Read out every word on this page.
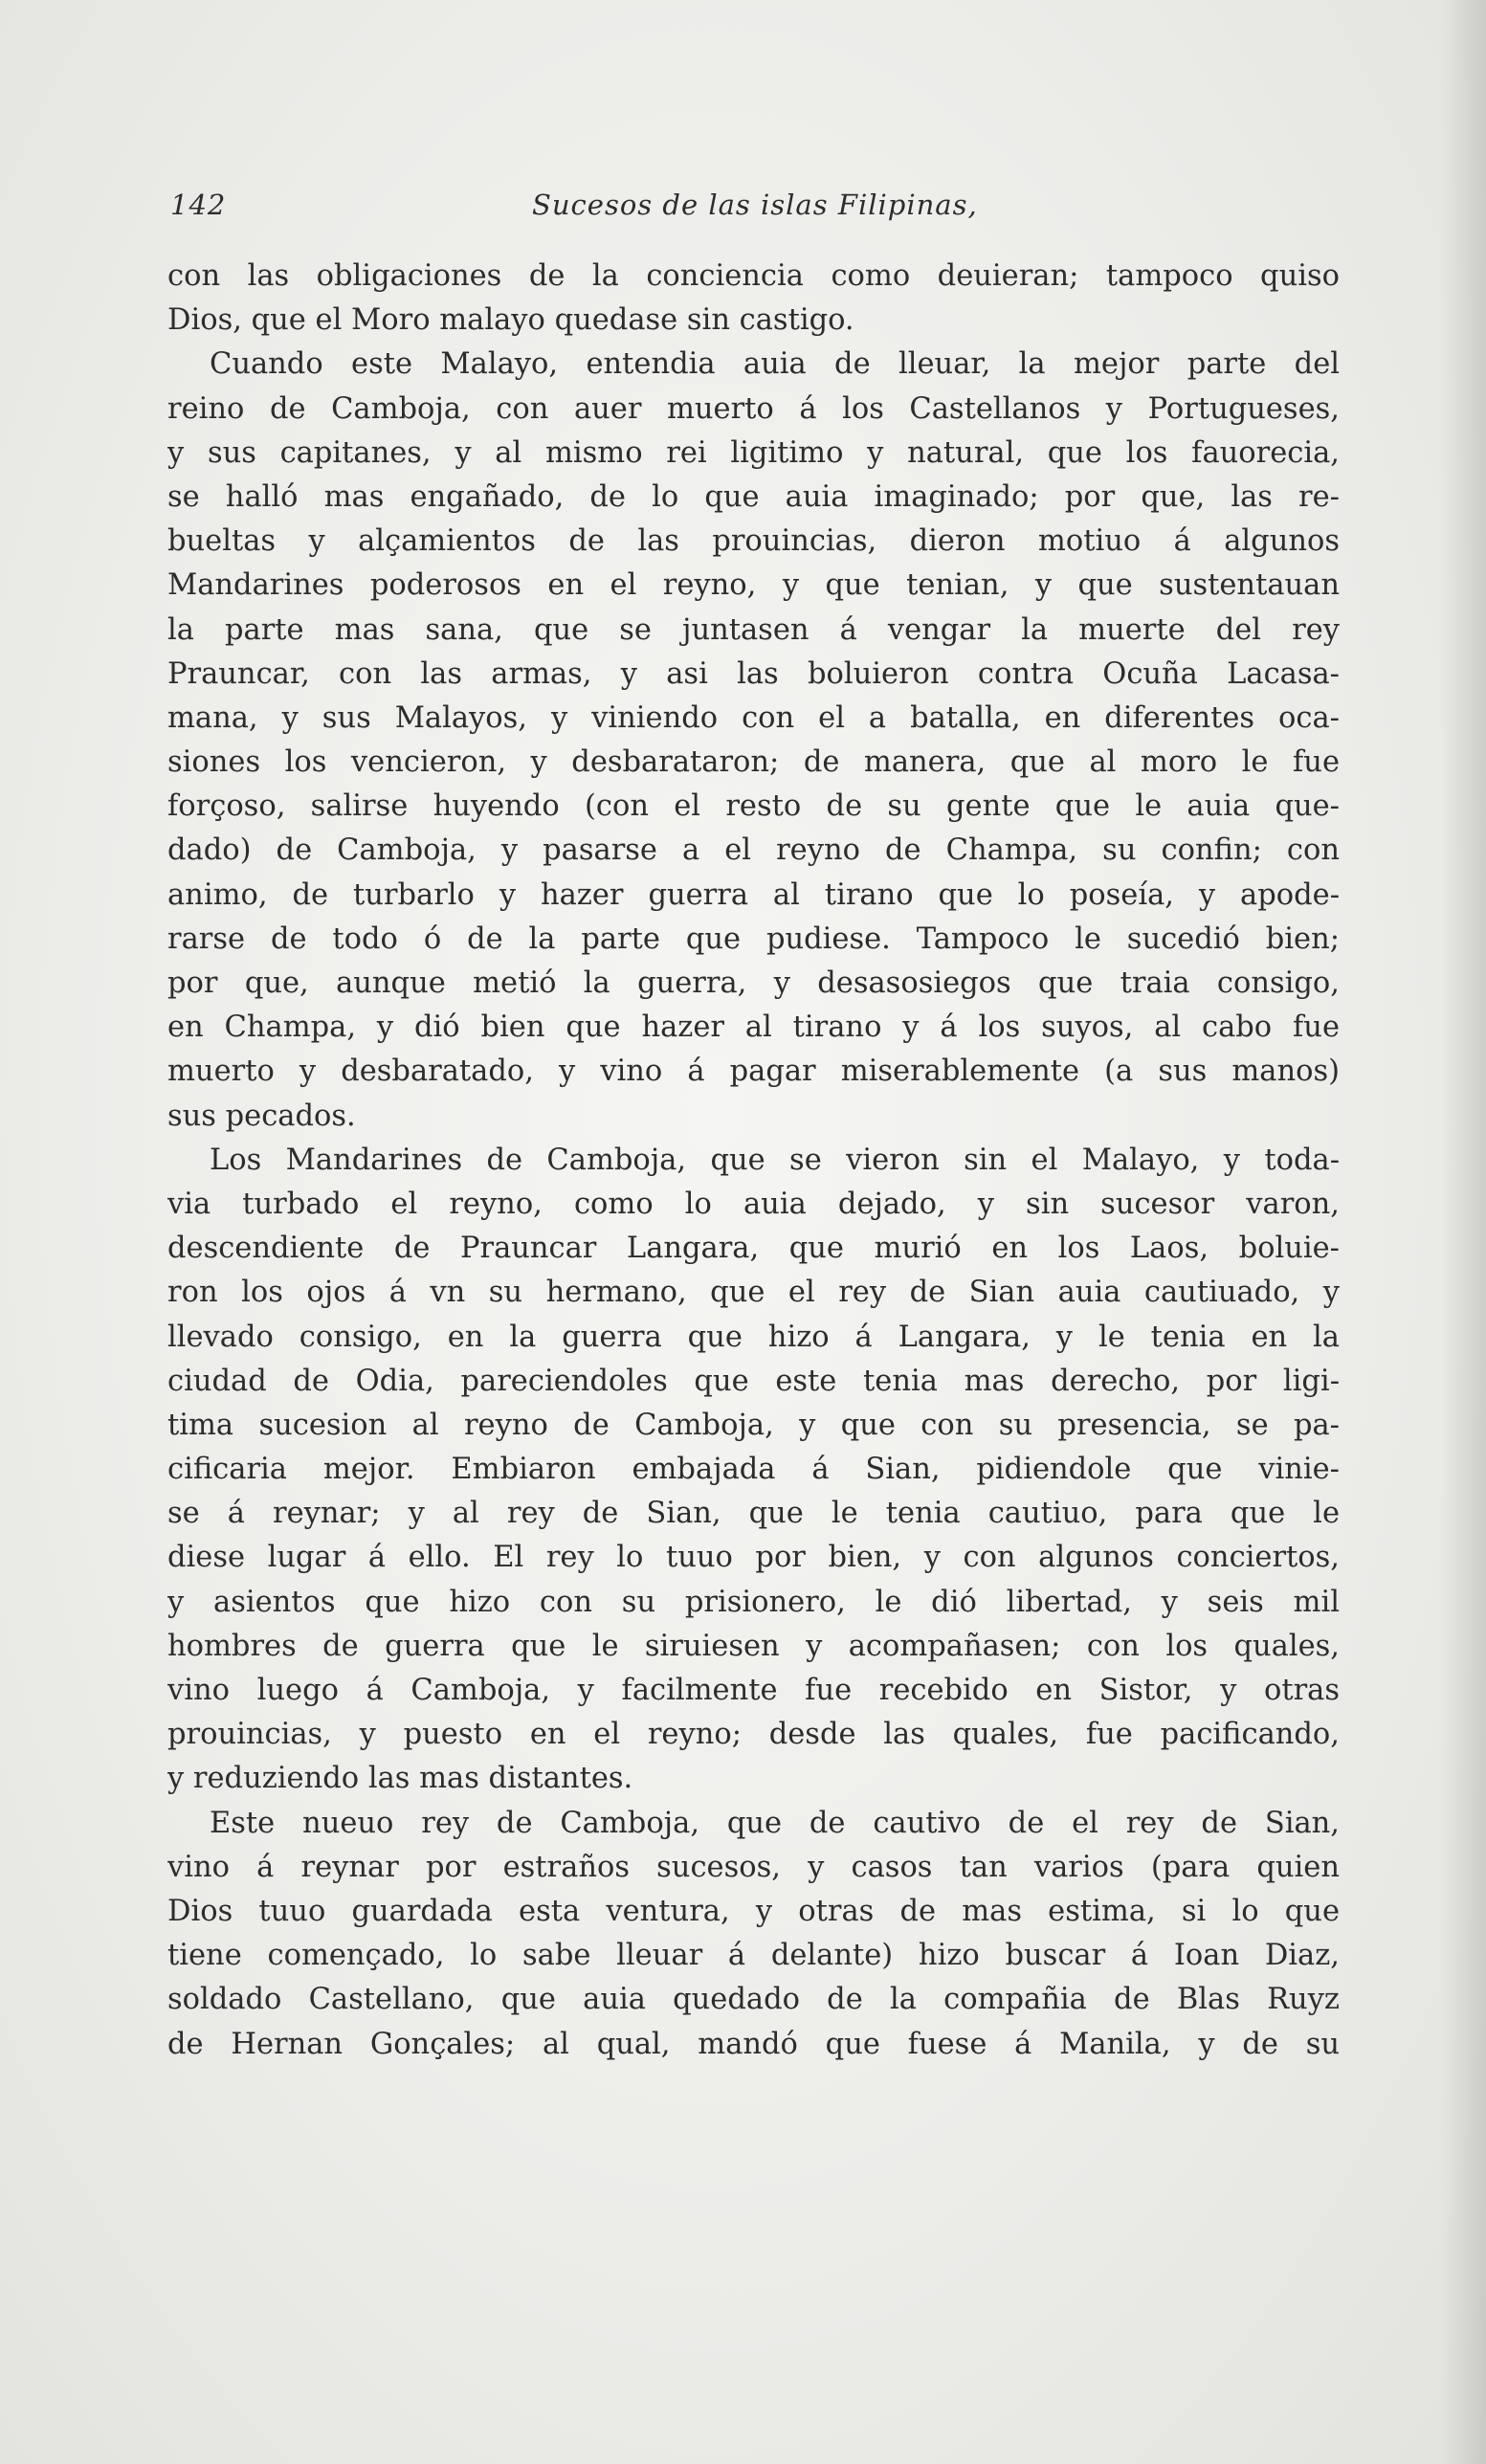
142	Sucesos de las islas Filipinas,
con las obligaciones de la conciencia como deuieran; tampoco quiso
Dios, que el Moro malayo quedase sin castigo.
Cuando este Malayo, entendia auia de lleuar, la mejor parte del
reino de Camboja, con auer muerto á los Castellanos y Portugueses,
y sus capitanes, y al mismo rei ligitimo y natural, que los fauorecia,
se halló mas engañado, de lo que auia imaginado; por que, las re-
bueltas y alçamientos de las prouincias, dieron motiuo á algunos
Mandarines poderosos en el reyno, y que tenian, y que sustentauan
la parte mas sana, que se juntasen á vengar la muerte del rey
Prauncar, con las armas, y asi las boluieron contra Ocuña Lacasa-
mana, y sus Malayos, y viniendo con el a batalla, en diferentes oca-
siones los vencieron, y desbarataron; de manera, que al moro le fue
forçoso, salirse huyendo (con el resto de su gente que le auia que-
dado) de Camboja, y pasarse a el reyno de Champa, su confin; con
animo, de turbarlo y hazer guerra al tirano que lo poseía, y apode-
rarse de todo ó de la parte que pudiese. Tampoco le sucedió bien;
por que, aunque metió la guerra, y desasosiegos que traia consigo,
en Champa, y dió bien que hazer al tirano y á los suyos, al cabo fue
muerto y desbaratado, y vino á pagar miserablemente (a sus manos)
sus pecados.
Los Mandarines de Camboja, que se vieron sin el Malayo, y toda-
via turbado el reyno, como lo auia dejado, y sin sucesor varon,
descendiente de Prauncar Langara, que murió en los Laos, boluie-
ron los ojos á vn su hermano, que el rey de Sian auia cautiuado, y
llevado consigo, en la guerra que hizo á Langara, y le tenia en la
ciudad de Odia, pareciendoles que este tenia mas derecho, por ligi-
tima sucesion al reyno de Camboja, y que con su presencia, se pa-
cificaria mejor. Embiaron embajada á Sian, pidiendole que vinie-
se á reynar; y al rey de Sian, que le tenia cautiuo, para que le
diese lugar á ello. El rey lo tuuo por bien, y con algunos conciertos,
y asientos que hizo con su prisionero, le dió libertad, y seis mil
hombres de guerra que le siruiesen y acompañasen; con los quales,
vino luego á Camboja, y facilmente fue recebido en Sistor, y otras
prouincias, y puesto en el reyno; desde las quales, fue pacificando,
y reduziendo las mas distantes.
Este nueuo rey de Camboja, que de cautivo de el rey de Sian,
vino á reynar por estraños sucesos, y casos tan varios (para quien
Dios tuuo guardada esta ventura, y otras de mas estima, si lo que
tiene començado, lo sabe lleuar á delante) hizo buscar á Ioan Diaz,
soldado Castellano, que auia quedado de la compañia de Blas Ruyz
de Hernan Gonçales; al qual, mandó que fuese á Manila, y de su
